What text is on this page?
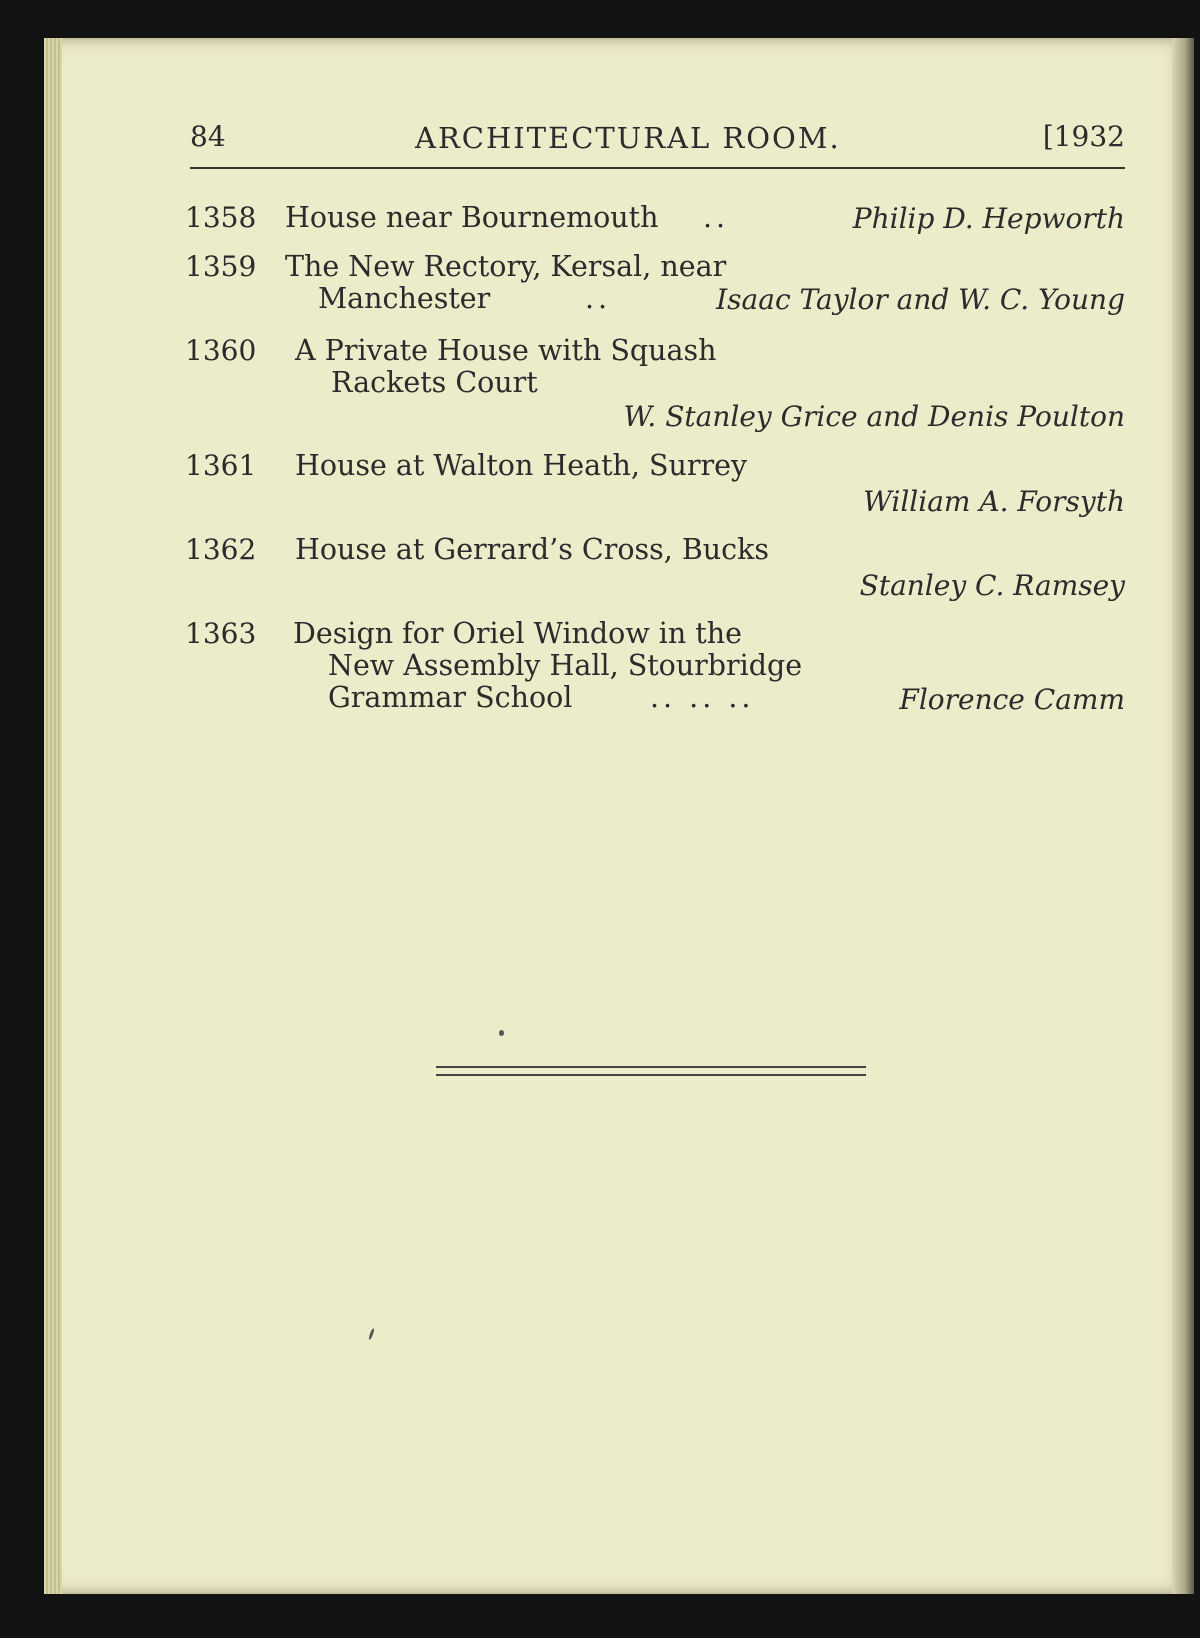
84	ARCHITECTURAL ROOM.	[1932
1358 House near Bournemouth ..	Philip D. Hepworth
1359 The New Rectory, Kersal, near
Manchester	..	Isaac Taylor and W. C. Young
1360 A Private House with Squash
Rackets Court
W. Stanley Grice and Denis Poulton
1361 House at Walton Heath, Surrey
William A. Forsyth
1362 House at Gerrard’s Cross, Bucks
Stanley C. Ramsey
1363 Design for Oriel Window in the
New Assembly Hall, Stourbridge
Grammar School	.. .. ..	Florence Camm
